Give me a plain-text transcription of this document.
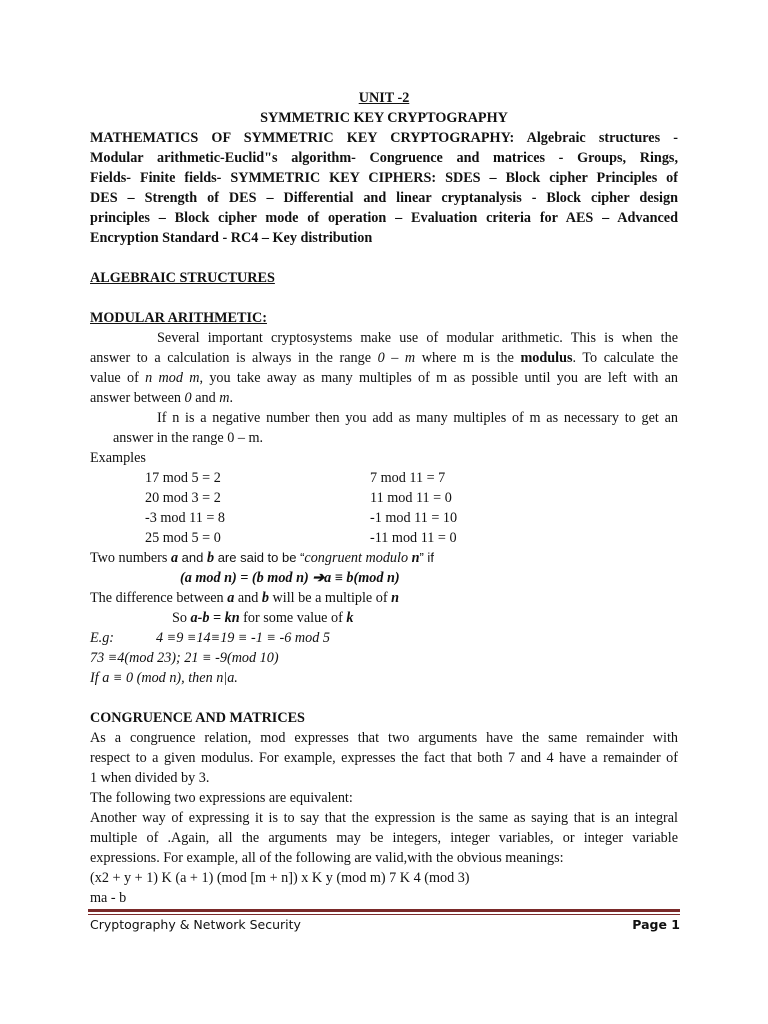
UNIT -2
SYMMETRIC KEY CRYPTOGRAPHY
MATHEMATICS OF SYMMETRIC KEY CRYPTOGRAPHY: Algebraic structures -
Modular arithmetic-Euclid"s algorithm- Congruence and matrices - Groups, Rings,
Fields- Finite fields- SYMMETRIC KEY CIPHERS: SDES – Block cipher Principles of
DES – Strength of DES – Differential and linear cryptanalysis - Block cipher design
principles – Block cipher mode of operation – Evaluation criteria for AES – Advanced
Encryption Standard - RC4 – Key distribution
ALGEBRAIC STRUCTURES
MODULAR ARITHMETIC:
Several important cryptosystems make use of modular arithmetic. This is when the
answer to a calculation is always in the range 0 – m where m is the modulus. To calculate the
value of n mod m, you take away as many multiples of m as possible until you are left with an
answer between 0 and m.
If n is a negative number then you add as many multiples of m as necessary to get an
answer in the range 0 – m.
Examples
17 mod 5 = 2	7 mod 11 = 7
20 mod 3 = 2	11 mod 11 = 0
-3 mod 11 = 8	-1 mod 11 = 10
25 mod 5 = 0	-11 mod 11 = 0
Two numbers a and b are said to be “congruent modulo n” if
(a mod n) = (b mod n) ➔a ≡ b(mod n)
The difference between a and b will be a multiple of n
So a-b = kn for some value of k
E.g:	4 ≡9 ≡14≡19 ≡ -1 ≡ -6 mod 5
73 ≡4(mod 23); 21 ≡ -9(mod 10)
If a ≡ 0 (mod n), then n|a.
CONGRUENCE AND MATRICES
As a congruence relation, mod expresses that two arguments have the same remainder with
respect to a given modulus. For example, expresses the fact that both 7 and 4 have a remainder of
1 when divided by 3.
The following two expressions are equivalent:
Another way of expressing it is to say that the expression is the same as saying that is an integral
multiple of .Again, all the arguments may be integers, integer variables, or integer variable
expressions. For example, all of the following are valid,with the obvious meanings:
(x2 + y + 1) K (a + 1) (mod [m + n]) x K y (mod m) 7 K 4 (mod 3)
ma - b
Cryptography & Network Security	Page 1
